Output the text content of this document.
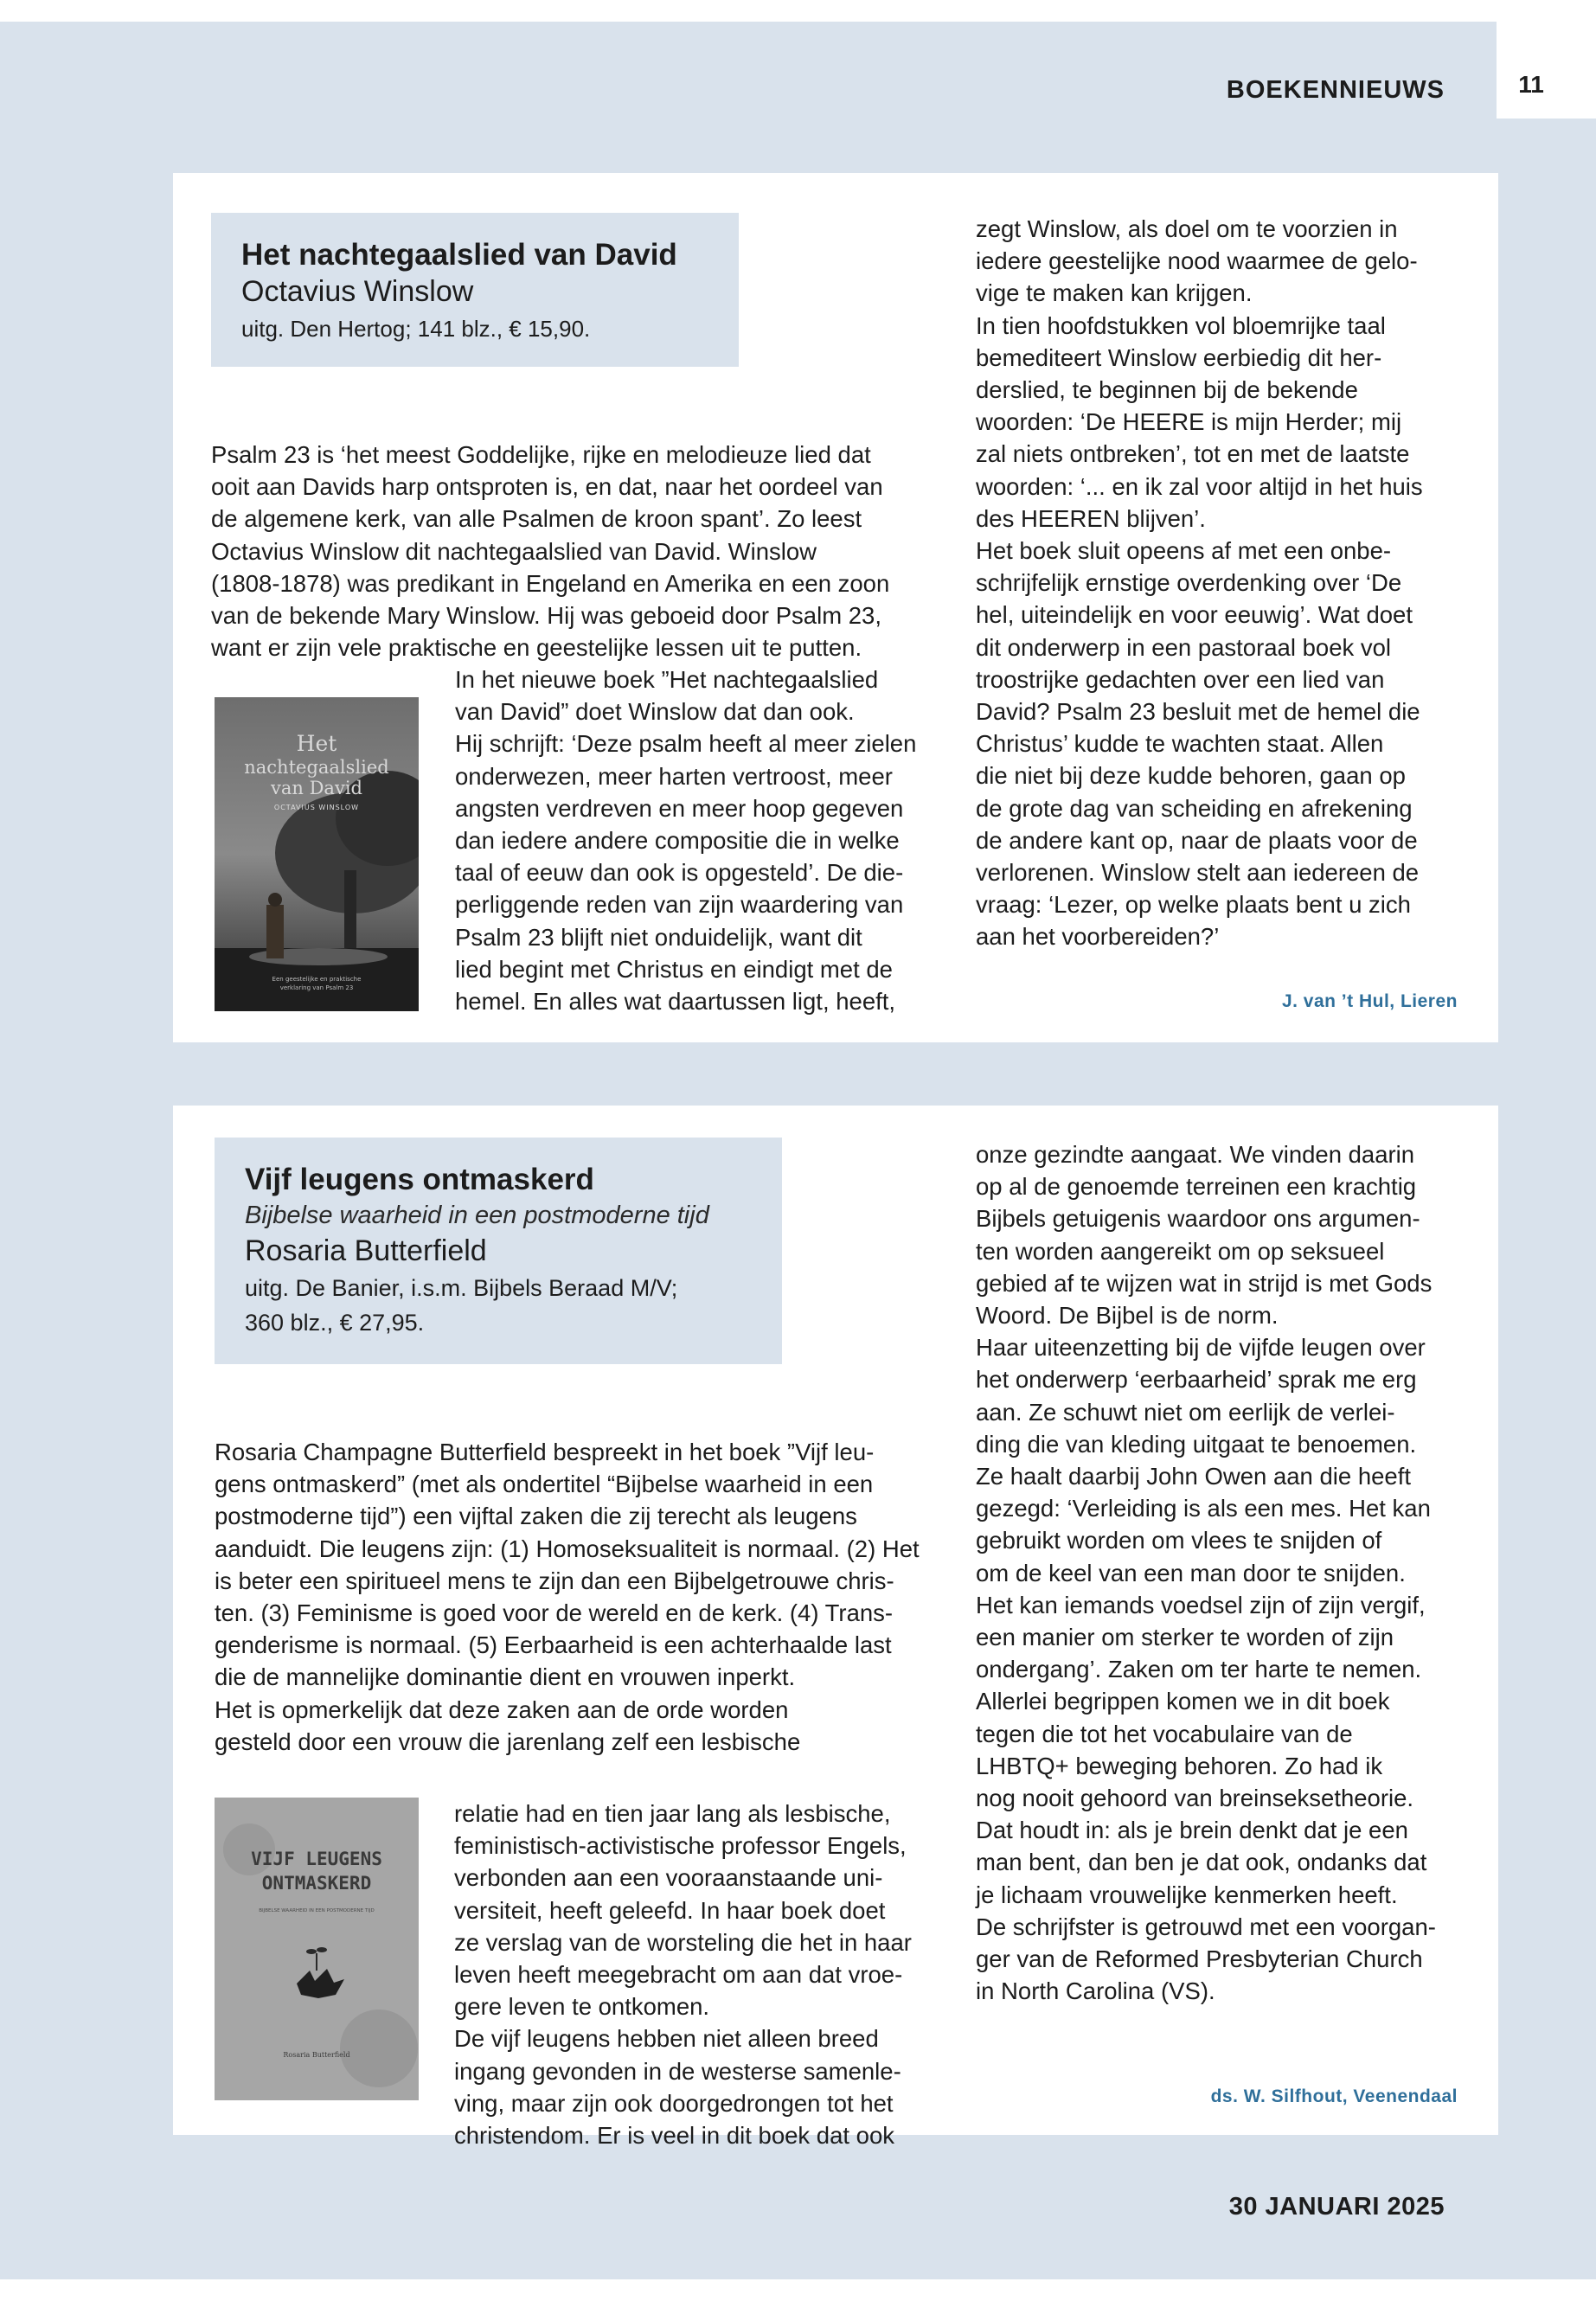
11
BOEKENNIEUWS
Het nachtegaalslied van David
Octavius Winslow
uitg. Den Hertog; 141 blz., € 15,90.

Psalm 23 is ‘het meest Goddelijke, rijke en melodieuze lied dat
ooit aan Davids harp ontsproten is, en dat, naar het oordeel van
de algemene kerk, van alle Psalmen de kroon spant’. Zo leest
Octavius Winslow dit nachtegaalslied van David. Winslow
(1808-1878) was predikant in Engeland en Amerika en een zoon
van de bekende Mary Winslow. Hij was geboeid door Psalm 23,
want er zijn vele praktische en geestelijke lessen uit te putten.

Het
nachtegaalslied
van David
OCTAVIUS WINSLOW
Een geestelijke en praktische
verklaring van Psalm 23

In het nieuwe boek ”Het nachtegaalslied
van David” doet Winslow dat dan ook.
Hij schrijft: ‘Deze psalm heeft al meer zielen
onderwezen, meer harten vertroost, meer
angsten verdreven en meer hoop gegeven
dan iedere andere compositie die in welke
taal of eeuw dan ook is opgesteld’. De die-
perliggende reden van zijn waardering van
Psalm 23 blijft niet onduidelijk, want dit
lied begint met Christus en eindigt met de
hemel. En alles wat daartussen ligt, heeft,

zegt Winslow, als doel om te voorzien in
iedere geestelijke nood waarmee de gelo-
vige te maken kan krijgen.
In tien hoofdstukken vol bloemrijke taal
bemediteert Winslow eerbiedig dit her-
derslied, te beginnen bij de bekende
woorden: ‘De HEERE is mijn Herder; mij
zal niets ontbreken’, tot en met de laatste
woorden: ‘... en ik zal voor altijd in het huis
des HEEREN blijven’.
Het boek sluit opeens af met een onbe-
schrijfelijk ernstige overdenking over ‘De
hel, uiteindelijk en voor eeuwig’. Wat doet
dit onderwerp in een pastoraal boek vol
troostrijke gedachten over een lied van
David? Psalm 23 besluit met de hemel die
Christus’ kudde te wachten staat. Allen
die niet bij deze kudde behoren, gaan op
de grote dag van scheiding en afrekening
de andere kant op, naar de plaats voor de
verlorenen. Winslow stelt aan iedereen de
vraag: ‘Lezer, op welke plaats bent u zich
aan het voorbereiden?’

J. van ’t Hul, Lieren
Vijf leugens ontmaskerd
Bijbelse waarheid in een postmoderne tijd
Rosaria Butterfield
uitg. De Banier, i.s.m. Bijbels Beraad M/V;
360 blz., € 27,95.

Rosaria Champagne Butterfield bespreekt in het boek ”Vijf leu-
gens ontmaskerd” (met als ondertitel “Bijbelse waarheid in een
postmoderne tijd”) een vijftal zaken die zij terecht als leugens
aanduidt. Die leugens zijn: (1) Homoseksualiteit is normaal. (2) Het
is beter een spiritueel mens te zijn dan een Bijbelgetrouwe chris-
ten. (3) Feminisme is goed voor de wereld en de kerk. (4) Trans-
genderisme is normaal. (5) Eerbaarheid is een achterhaalde last
die de mannelijke dominantie dient en vrouwen inperkt.
Het is opmerkelijk dat deze zaken aan de orde worden
gesteld door een vrouw die jarenlang zelf een lesbische

VIJF LEUGENS
ONTMASKERD
BIJBELSE WAARHEID IN EEN POSTMODERNE TIJD
Rosaria Butterfield

relatie had en tien jaar lang als lesbische,
feministisch-activistische professor Engels,
verbonden aan een vooraanstaande uni-
versiteit, heeft geleefd. In haar boek doet
ze verslag van de worsteling die het in haar
leven heeft meegebracht om aan dat vroe-
gere leven te ontkomen.
De vijf leugens hebben niet alleen breed
ingang gevonden in de westerse samenle-
ving, maar zijn ook doorgedrongen tot het
christendom. Er is veel in dit boek dat ook

onze gezindte aangaat. We vinden daarin
op al de genoemde terreinen een krachtig
Bijbels getuigenis waardoor ons argumen-
ten worden aangereikt om op seksueel
gebied af te wijzen wat in strijd is met Gods
Woord. De Bijbel is de norm.
Haar uiteenzetting bij de vijfde leugen over
het onderwerp ‘eerbaarheid’ sprak me erg
aan. Ze schuwt niet om eerlijk de verlei-
ding die van kleding uitgaat te benoemen.
Ze haalt daarbij John Owen aan die heeft
gezegd: ‘Verleiding is als een mes. Het kan
gebruikt worden om vlees te snijden of
om de keel van een man door te snijden.
Het kan iemands voedsel zijn of zijn vergif,
een manier om sterker te worden of zijn
ondergang’. Zaken om ter harte te nemen.
Allerlei begrippen komen we in dit boek
tegen die tot het vocabulaire van de
LHBTQ+ beweging behoren. Zo had ik
nog nooit gehoord van breinseksetheorie.
Dat houdt in: als je brein denkt dat je een
man bent, dan ben je dat ook, ondanks dat
je lichaam vrouwelijke kenmerken heeft.
De schrijfster is getrouwd met een voorgan-
ger van de Reformed Presbyterian Church
in North Carolina (VS).

ds. W. Silfhout, Veenendaal
30 JANUARI 2025
